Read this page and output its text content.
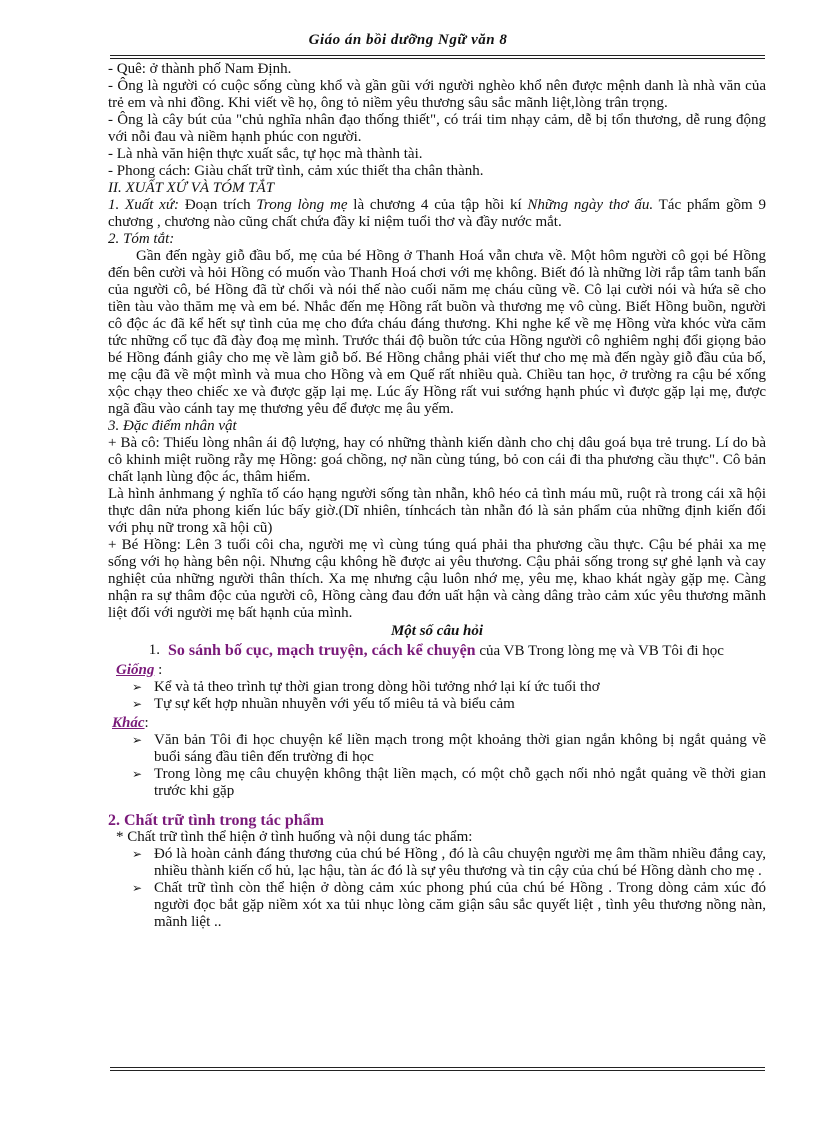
Giáo án bồi dưỡng Ngữ văn 8

- Quê: ở thành phố Nam Định.

- Ông là người có cuộc sống cùng khổ và gần gũi với người nghèo khổ nên được mệnh danh là nhà văn của trẻ em và nhi đồng. Khi viết về họ, ông tỏ niềm yêu thương sâu sắc mãnh liệt,lòng trân trọng.

- Ông là cây bút của "chủ nghĩa nhân đạo thống thiết", có trái tim nhạy cảm, dễ bị tổn thương, dễ rung động với nỗi đau và niềm hạnh phúc con người.

- Là nhà văn hiện thực xuất sắc, tự học mà thành tài.

- Phong cách: Giàu chất trữ tình, cảm xúc thiết tha chân thành.

II. XUẤT XỨ VÀ TÓM TẮT

1. Xuất xứ: Đoạn trích Trong lòng mẹ là chương 4 của tập hồi kí Những ngày thơ ấu. Tác phẩm gồm 9 chương , chương nào cũng chất chứa đầy kỉ niệm tuổi thơ và đầy nước mắt.

2. Tóm tắt:

Gần đến ngày giỗ đầu bố, mẹ của bé Hồng ở Thanh Hoá vẫn chưa về. Một hôm người cô gọi bé Hồng đến bên cười và hỏi Hồng có muốn vào Thanh Hoá chơi với mẹ không. Biết đó là những lời rắp tâm tanh bẩn của người cô, bé Hồng đã từ chối và nói thế nào cuối năm mẹ cháu cũng về. Cô lại cười nói và hứa sẽ cho tiền tàu vào thăm mẹ và em bé. Nhắc đến mẹ Hồng rất buồn và thương mẹ vô cùng. Biết Hồng buồn, người cô độc ác đã kể hết sự tình của mẹ cho đứa cháu đáng thương. Khi nghe kể về mẹ Hồng vừa khóc vừa căm tức những cổ tục đã đày đoạ mẹ mình. Trước thái độ buồn tức của Hồng người cô nghiêm nghị đổi giọng bảo bé Hồng đánh giây cho mẹ về làm giỗ bố. Bé Hồng chẳng phải viết thư cho mẹ mà đến ngày giỗ đầu của bố, mẹ cậu đã về một mình và mua cho Hồng và em Quế rất nhiều quà. Chiều tan học, ở trường ra cậu bé xống xộc chạy theo chiếc xe và được gặp lại mẹ. Lúc ấy Hồng rất vui sướng hạnh phúc vì được gặp lại mẹ, được ngã đầu vào cánh tay mẹ thương yêu để được mẹ âu yếm.

3. Đặc điểm nhân vật

+ Bà cô: Thiếu lòng nhân ái độ lượng, hay có những thành kiến dành cho chị dâu goá bụa trẻ trung. Lí do bà cô khinh miệt ruồng rẫy mẹ Hồng: goá chồng, nợ nần cùng túng, bỏ con cái đi tha phương cầu thực". Cô bản chất lạnh lùng độc ác, thâm hiểm.

Là hình ảnhmang ý nghĩa tố cáo hạng người sống tàn nhẫn, khô héo cả tình máu mũ, ruột rà trong cái xã hội thực dân nửa phong kiến lúc bấy giờ.(Dĩ nhiên, tínhcách tàn nhẫn đó là sản phẩm của những định kiến đối với phụ nữ trong xã hội cũ)

+ Bé Hồng: Lên 3 tuổi côi cha, người mẹ vì cùng túng quá phải tha phương cầu thực. Cậu bé phải xa mẹ sống với họ hàng bên nội. Nhưng cậu không hề được ai yêu thương. Cậu phải sống trong sự ghẻ lạnh và cay nghiệt của những người thân thích. Xa mẹ nhưng cậu luôn nhớ mẹ, yêu mẹ, khao khát ngày gặp mẹ. Càng nhận ra sự thâm độc của người cô, Hồng càng đau đớn uất hận và càng dâng trào cảm xúc yêu thương mãnh liệt đối với người mẹ bất hạnh của mình.

Một số câu hỏi

1. So sánh bố cục, mạch truyện, cách kể chuyện của VB Trong lòng mẹ và VB Tôi đi học

Giống :

➢ Kể và tả theo trình tự thời gian trong dòng hồi tưởng nhớ lại kí ức tuổi thơ
➢ Tự sự kết hợp nhuần nhuyễn với yếu tố miêu tả và biểu cảm

Khác:

➢ Văn bản Tôi đi học chuyện kể liền mạch trong một khoảng thời gian ngắn không bị ngắt quảng về buổi sáng đầu tiên đến trường đi học
➢ Trong lòng mẹ câu chuyện không thật liền mạch, có một chỗ gạch nối nhỏ ngắt quảng về thời gian trước khi gặp

2. Chất trữ tình trong tác phẩm

* Chất trữ tình thể hiện ở tình huống và nội dung tác phẩm:

➢ Đó là hoàn cảnh đáng thương của chú bé Hồng , đó là câu chuyện người mẹ âm thầm nhiều đắng cay, nhiều thành kiến cổ hủ, lạc hậu, tàn ác đó là sự yêu thương và tin cậy của chú bé Hồng dành cho mẹ .
➢ Chất trữ tình còn thể hiện ở dòng cảm xúc phong phú của chú bé Hồng . Trong dòng cảm xúc đó người đọc bắt gặp niềm xót xa tủi nhục lòng căm giận sâu sắc quyết liệt , tình yêu thương nồng nàn, mãnh liệt ..
